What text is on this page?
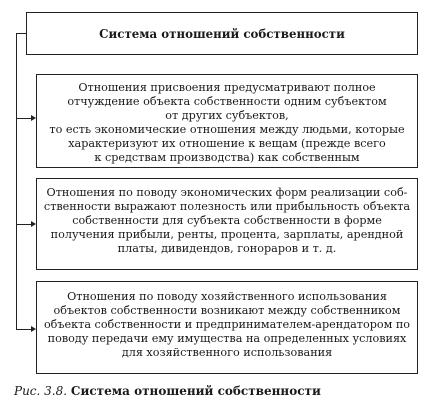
Система отношений собственности
Отношения присвоения предусматривают полное
отчуждение объекта собственности одним субъектом
от других субъектов,
то есть экономические отношения между людьми, которые
характеризуют их отношение к вещам (прежде всего
к средствам производства) как собственным
Отношения по поводу экономических форм реализации соб-
ственности выражают полезность или прибыльность объекта
собственности для субъекта собственности в форме
получения прибыли, ренты, процента, зарплаты, арендной
платы, дивидендов, гонораров и т. д.
Отношения по поводу хозяйственного использования
объектов собственности возникают между собственником
объекта собственности и предпринимателем-арендатором по
поводу передачи ему имущества на определенных условиях
для хозяйственного использования
Рис. 3.8. Система отношений собственности
